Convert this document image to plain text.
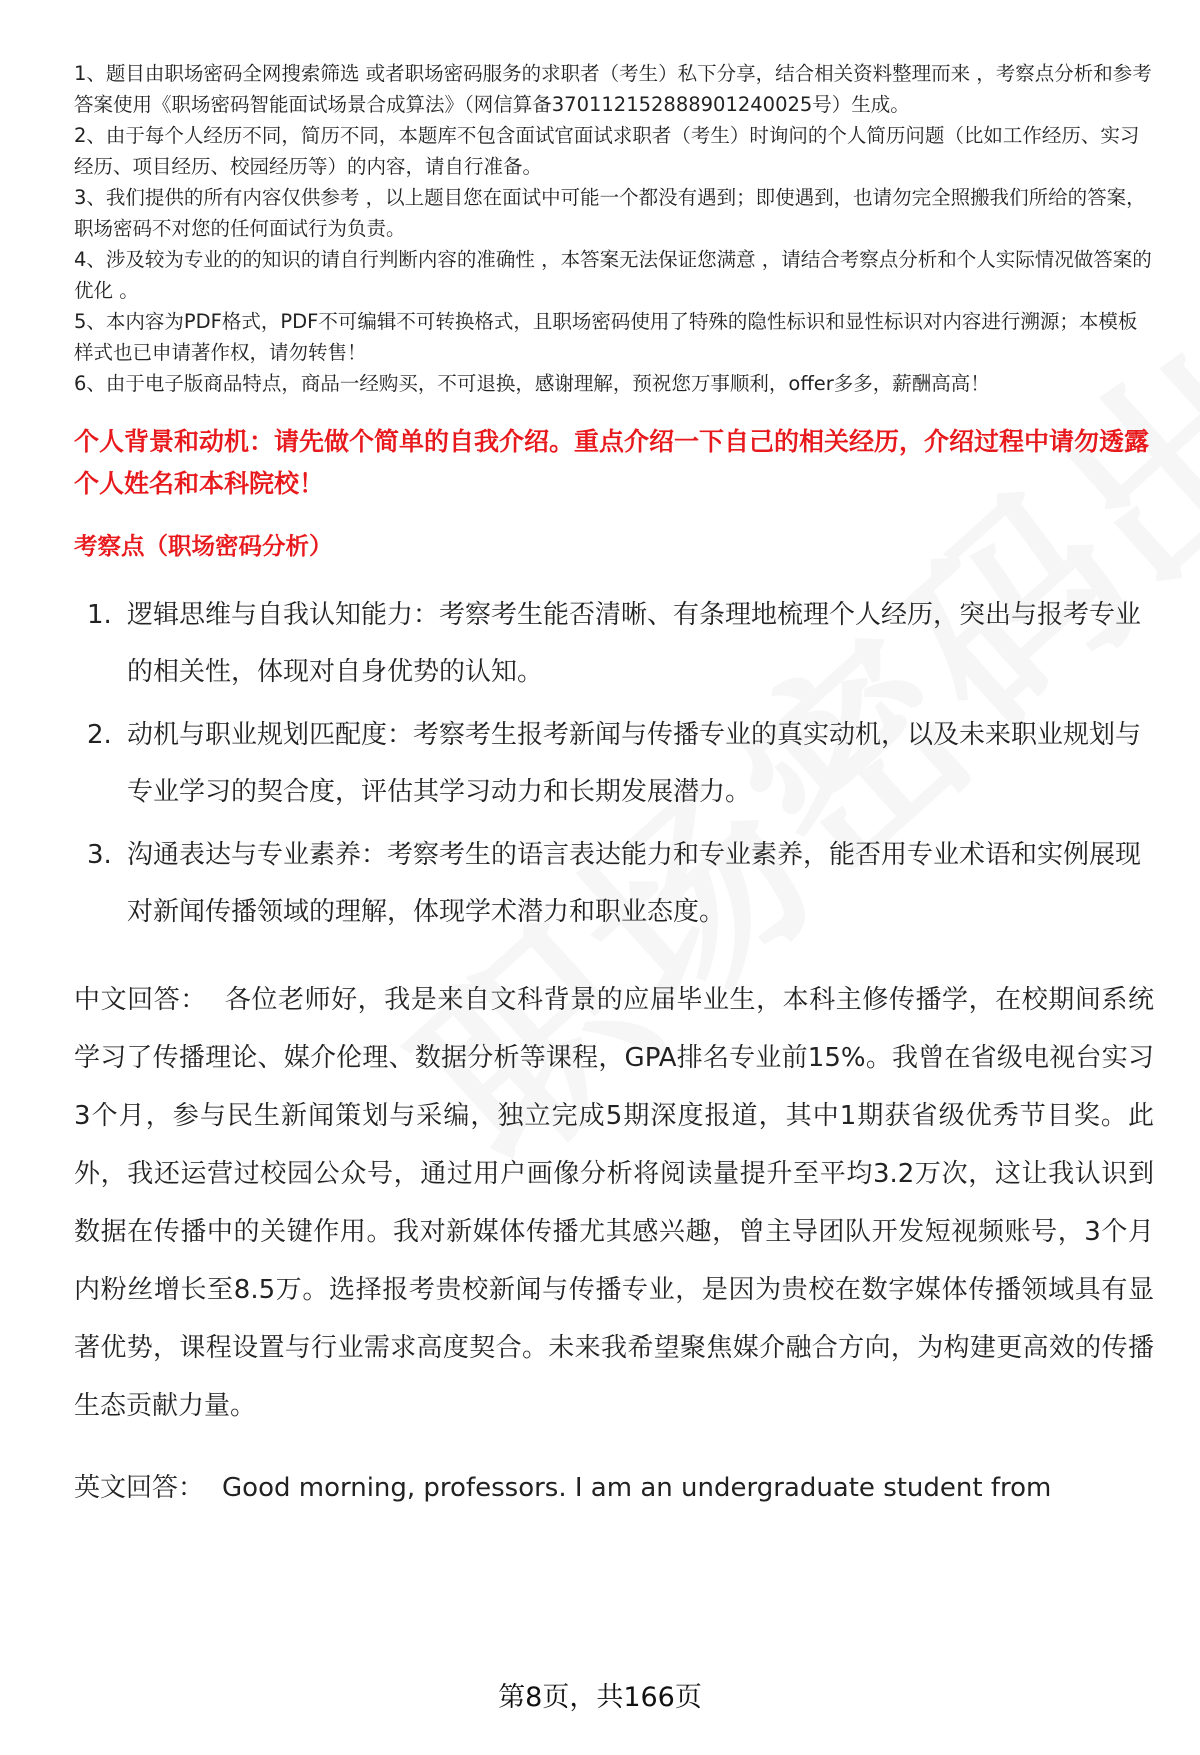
1、题目由职场密码全网搜索筛选 或者职场密码服务的求职者（考生）私下分享，结合相关资料整理而来 ，考察点分析和参考答案使用《职场密码智能面试场景合成算法》（网信算备370112152888901240025号）生成。
2、由于每个人经历不同，简历不同，本题库不包含面试官面试求职者（考生）时询问的个人简历问题（比如工作经历、实习经历、项目经历、校园经历等）的内容，请自行准备。
3、我们提供的所有内容仅供参考 ，以上题目您在面试中可能一个都没有遇到；即使遇到，也请勿完全照搬我们所给的答案，职场密码不对您的任何面试行为负责。
4、涉及较为专业的的知识的请自行判断内容的准确性 ，本答案无法保证您满意 ，请结合考察点分析和个人实际情况做答案的优化 。
5、本内容为PDF格式，PDF不可编辑不可转换格式，且职场密码使用了特殊的隐性标识和显性标识对内容进行溯源；本模板样式也已申请著作权，请勿转售！
6、由于电子版商品特点，商品一经购买，不可退换，感谢理解，预祝您万事顺利，offer多多，薪酬高高！
个人背景和动机：请先做个简单的自我介绍。重点介绍一下自己的相关经历，介绍过程中请勿透露个人姓名和本科院校！
考察点（职场密码分析）
1. 逻辑思维与自我认知能力：考察考生能否清晰、有条理地梳理个人经历，突出与报考专业的相关性，体现对自身优势的认知。
2. 动机与职业规划匹配度：考察考生报考新闻与传播专业的真实动机，以及未来职业规划与专业学习的契合度，评估其学习动力和长期发展潜力。
3. 沟通表达与专业素养：考察考生的语言表达能力和专业素养，能否用专业术语和实例展现对新闻传播领域的理解，体现学术潜力和职业态度。
中文回答： 各位老师好，我是来自文科背景的应届毕业生，本科主修传播学，在校期间系统学习了传播理论、媒介伦理、数据分析等课程，GPA排名专业前15%。我曾在省级电视台实习3个月，参与民生新闻策划与采编，独立完成5期深度报道，其中1期获省级优秀节目奖。此外，我还运营过校园公众号，通过用户画像分析将阅读量提升至平均3.2万次，这让我认识到数据在传播中的关键作用。我对新媒体传播尤其感兴趣，曾主导团队开发短视频账号，3个月内粉丝增长至8.5万。选择报考贵校新闻与传播专业，是因为贵校在数字媒体传播领域具有显著优势，课程设置与行业需求高度契合。未来我希望聚焦媒介融合方向，为构建更高效的传播生态贡献力量。
英文回答： Good morning, professors. I am an undergraduate student from
第8页，共166页
